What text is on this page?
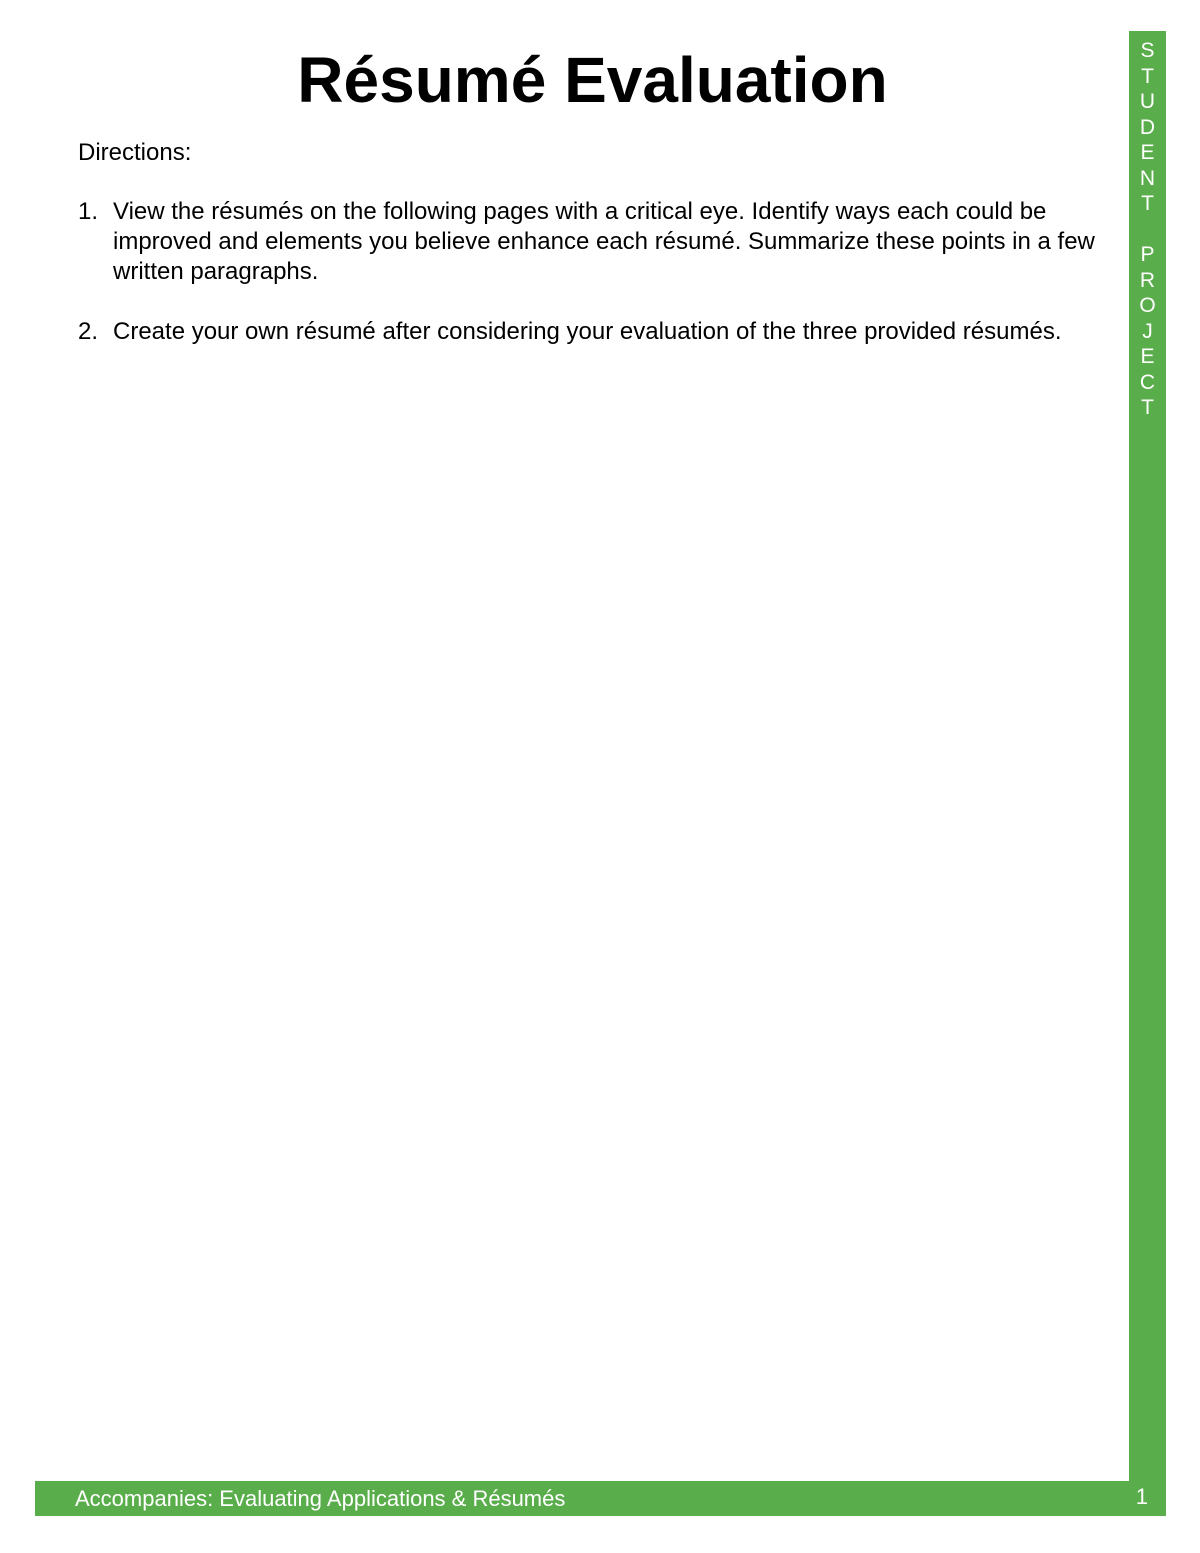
Résumé Evaluation

Directions:

1. View the résumés on the following pages with a critical eye. Identify ways each could be improved and elements you believe enhance each résumé. Summarize these points in a few written paragraphs.
2. Create your own résumé after considering your evaluation of the three provided résumés.
S
T
U
D
E
N
T

P
R
O
J
E
C
T
Accompanies: Evaluating Applications & Résumés	1
